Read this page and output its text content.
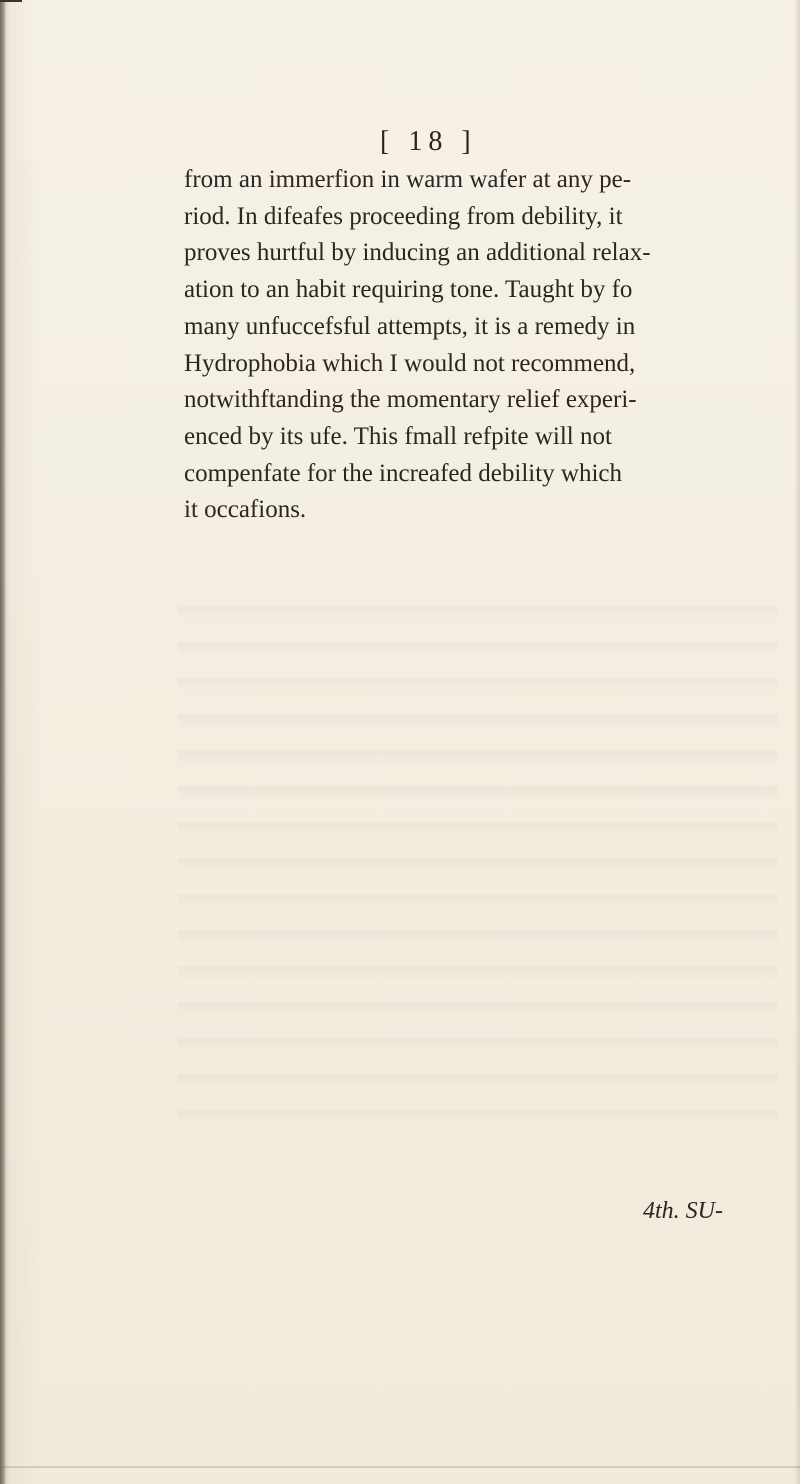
[ 18 ]

from an immerfion in warm wafer at any pe-
riod. In difeafes proceeding from debility, it
proves hurtful by inducing an additional relax-
ation to an habit requiring tone. Taught by fo
many unfuccefsful attempts, it is a remedy in
Hydrophobia which I would not recommend,
notwithftanding the momentary relief experi-
enced by its ufe. This fmall refpite will not
compenfate for the increafed debility which
it occafions.

4th. SU-
